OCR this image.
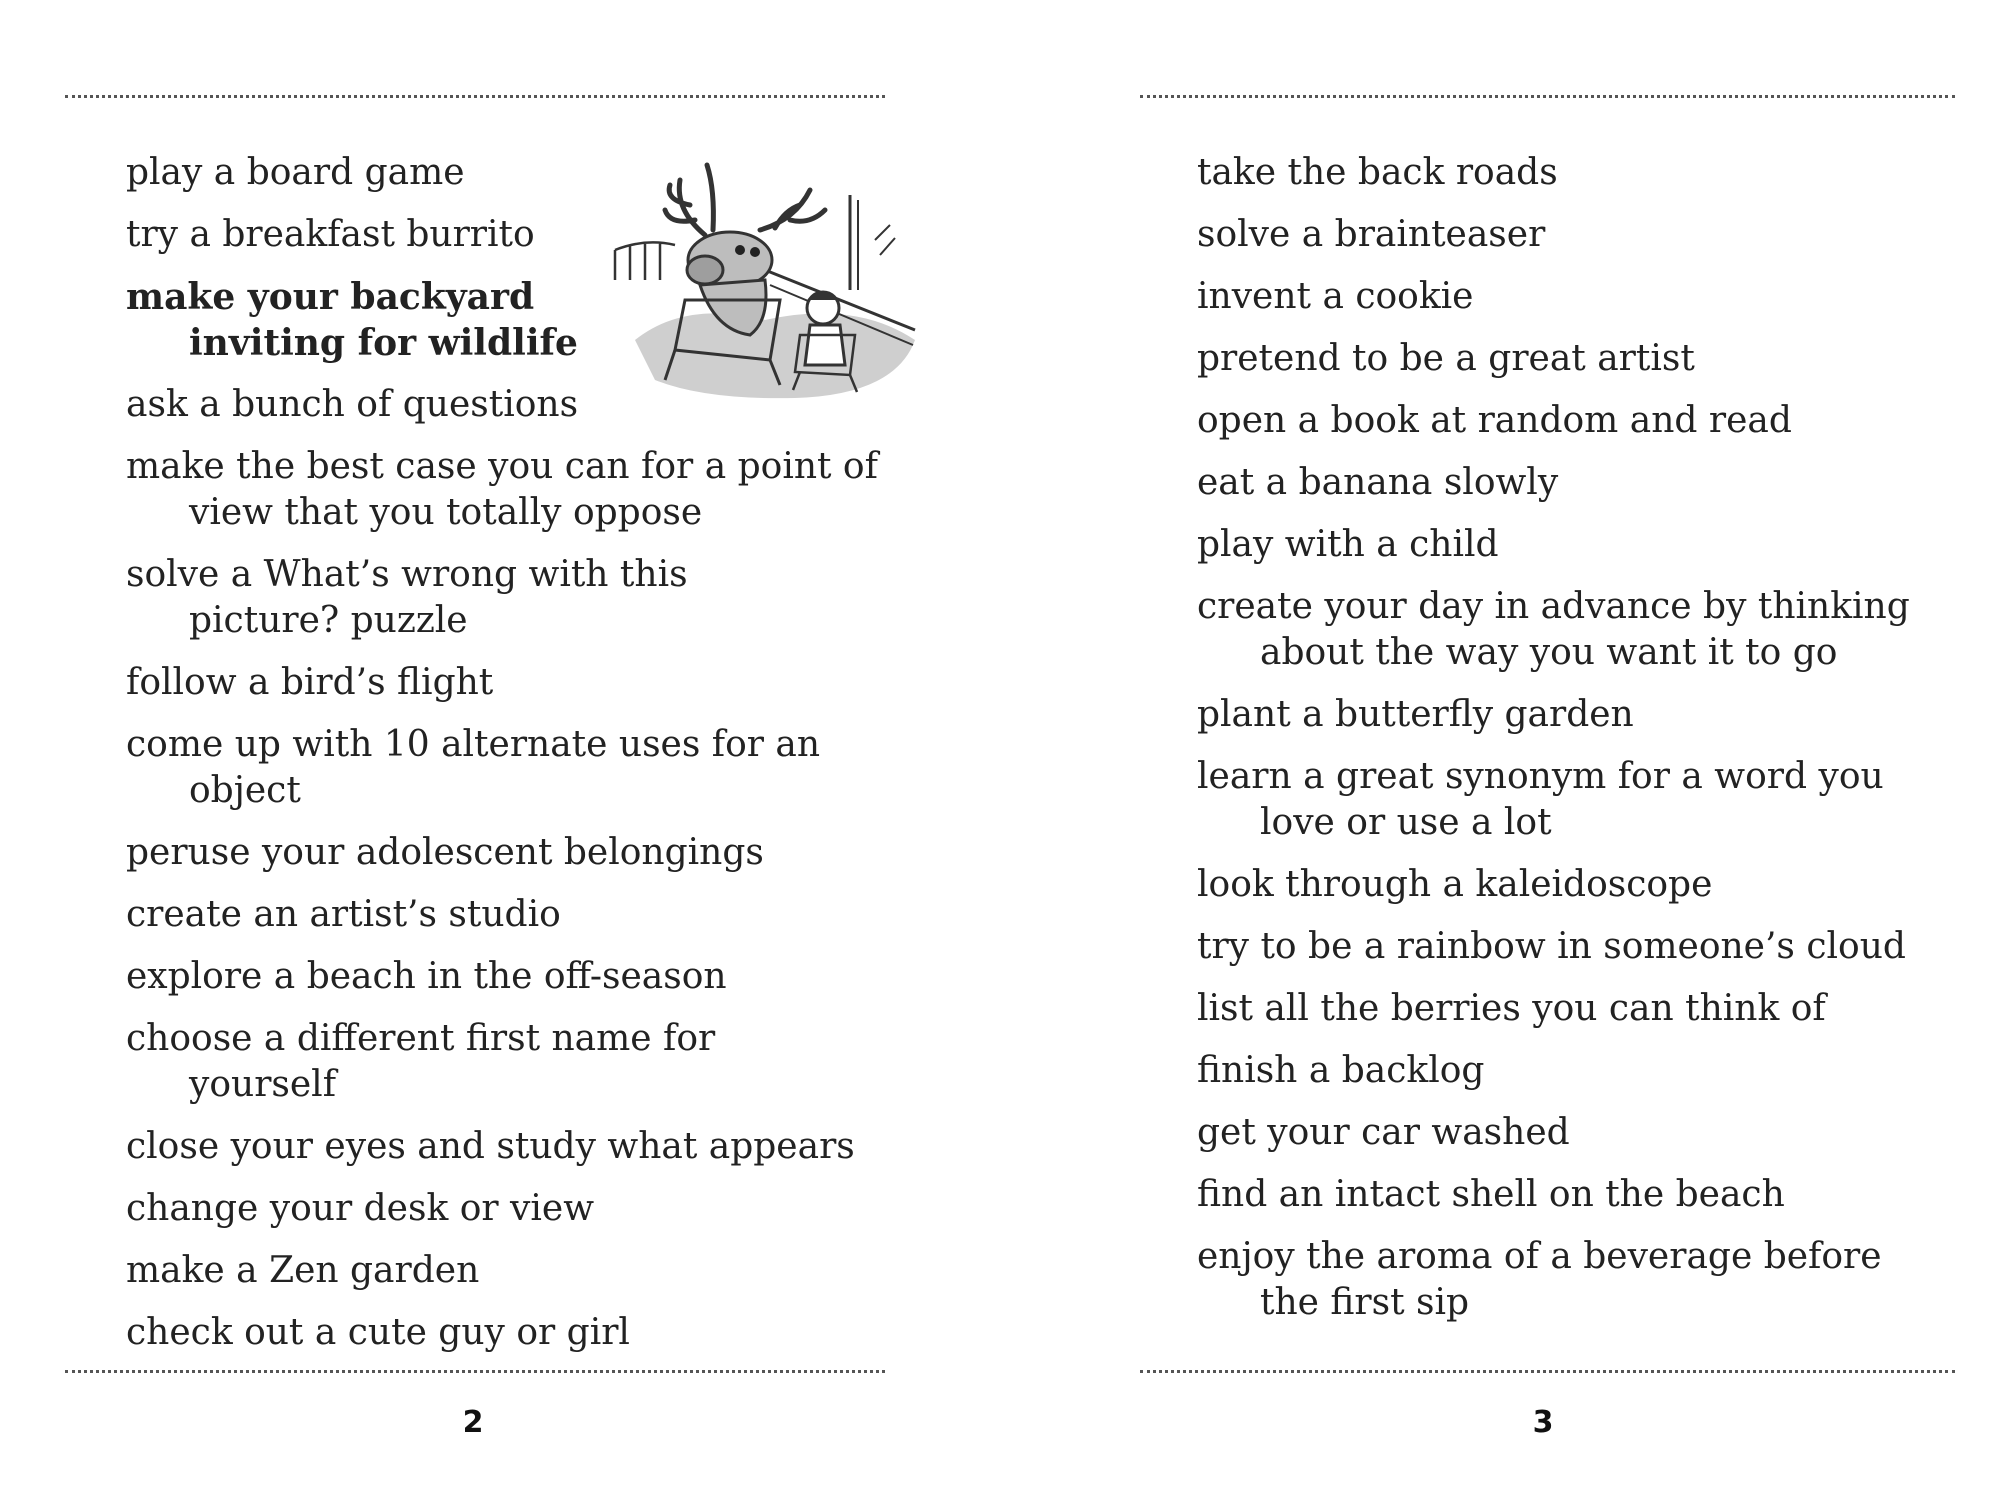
play a board game
try a breakfast burrito
make your backyard inviting for wildlife
ask a bunch of questions
make the best case you can for a point of view that you totally oppose
solve a What’s wrong with this picture? puzzle
follow a bird’s flight
come up with 10 alternate uses for an object
peruse your adolescent belongings
create an artist’s studio
explore a beach in the off-season
choose a different first name for yourself
close your eyes and study what appears
change your desk or view
make a Zen garden
check out a cute guy or girl
2
take the back roads
solve a brainteaser
invent a cookie
pretend to be a great artist
open a book at random and read
eat a banana slowly
play with a child
create your day in advance by thinking about the way you want it to go
plant a butterfly garden
learn a great synonym for a word you love or use a lot
look through a kaleidoscope
try to be a rainbow in someone’s cloud
list all the berries you can think of
finish a backlog
get your car washed
find an intact shell on the beach
enjoy the aroma of a beverage before the first sip
3
